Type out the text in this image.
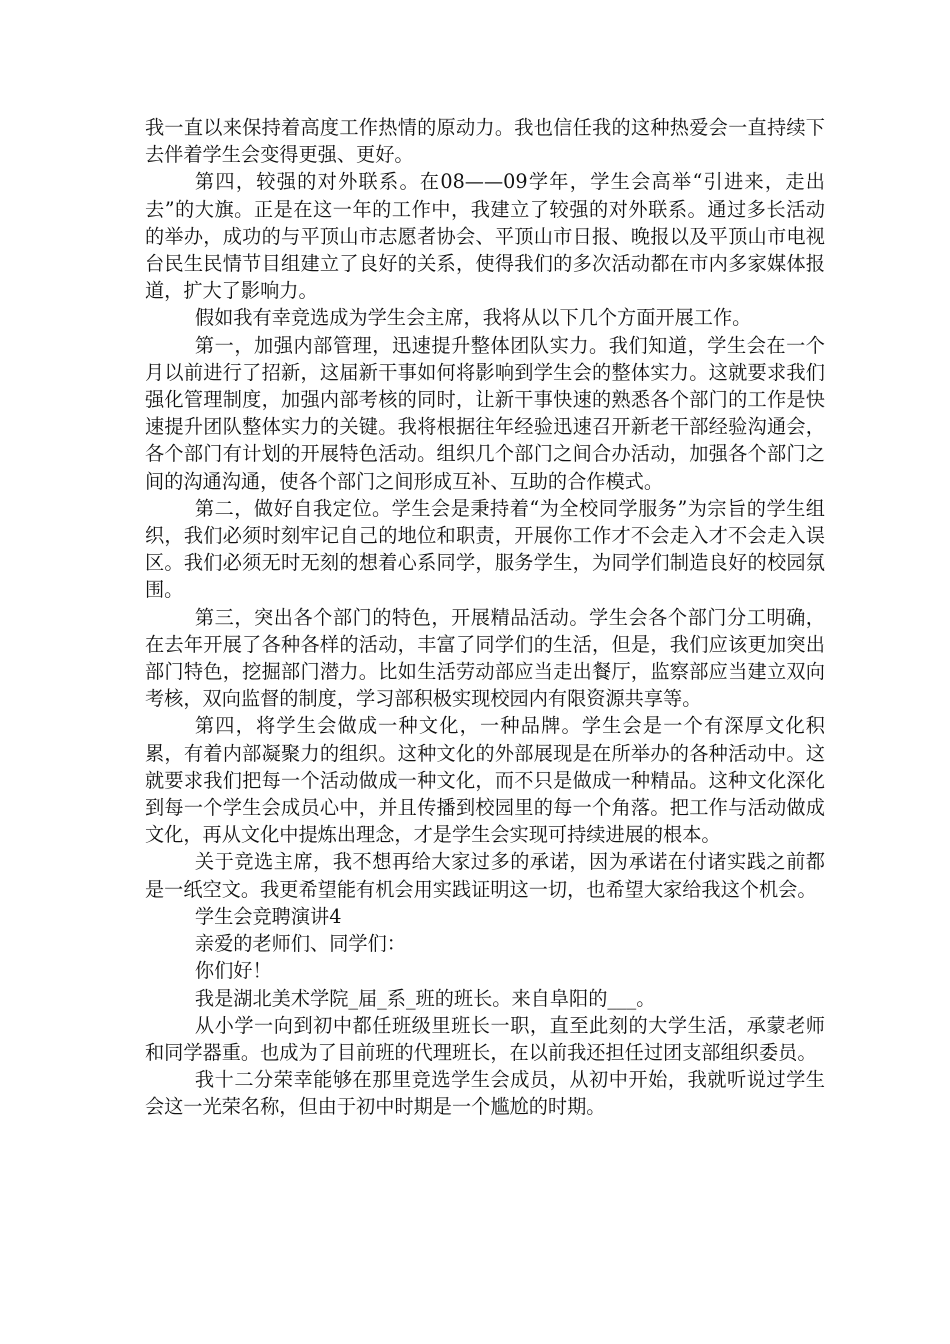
我一直以来保持着高度工作热情的原动力。我也信任我的这种热爱会一直持续下去伴着学生会变得更强、更好。

第四，较强的对外联系。在08——09学年，学生会高举“引进来，走出去”的大旗。正是在这一年的工作中，我建立了较强的对外联系。通过多长活动的举办，成功的与平顶山市志愿者协会、平顶山市日报、晚报以及平顶山市电视台民生民情节目组建立了良好的关系，使得我们的多次活动都在市内多家媒体报道，扩大了影响力。

假如我有幸竞选成为学生会主席，我将从以下几个方面开展工作。

第一，加强内部管理，迅速提升整体团队实力。我们知道，学生会在一个月以前进行了招新，这届新干事如何将影响到学生会的整体实力。这就要求我们强化管理制度，加强内部考核的同时，让新干事快速的熟悉各个部门的工作是快速提升团队整体实力的关键。我将根据往年经验迅速召开新老干部经验沟通会，各个部门有计划的开展特色活动。组织几个部门之间合办活动，加强各个部门之间的沟通沟通，使各个部门之间形成互补、互助的合作模式。

第二，做好自我定位。学生会是秉持着“为全校同学服务”为宗旨的学生组织，我们必须时刻牢记自己的地位和职责，开展你工作才不会走入才不会走入误区。我们必须无时无刻的想着心系同学，服务学生，为同学们制造良好的校园氛围。

第三，突出各个部门的特色，开展精品活动。学生会各个部门分工明确，在去年开展了各种各样的活动，丰富了同学们的生活，但是，我们应该更加突出部门特色，挖掘部门潜力。比如生活劳动部应当走出餐厅，监察部应当建立双向考核，双向监督的制度，学习部积极实现校园内有限资源共享等。

第四，将学生会做成一种文化，一种品牌。学生会是一个有深厚文化积累，有着内部凝聚力的组织。这种文化的外部展现是在所举办的各种活动中。这就要求我们把每一个活动做成一种文化，而不只是做成一种精品。这种文化深化到每一个学生会成员心中，并且传播到校园里的每一个角落。把工作与活动做成文化，再从文化中提炼出理念，才是学生会实现可持续进展的根本。

关于竞选主席，我不想再给大家过多的承诺，因为承诺在付诸实践之前都是一纸空文。我更希望能有机会用实践证明这一切，也希望大家给我这个机会。

学生会竞聘演讲4

亲爱的老师们、同学们：

你们好！

我是湖北美术学院_届_系_班的班长。来自阜阳的___。

从小学一向到初中都任班级里班长一职，直至此刻的大学生活，承蒙老师和同学器重。也成为了目前班的代理班长，在以前我还担任过团支部组织委员。

我十二分荣幸能够在那里竞选学生会成员，从初中开始，我就听说过学生会这一光荣名称，但由于初中时期是一个尴尬的时期。
